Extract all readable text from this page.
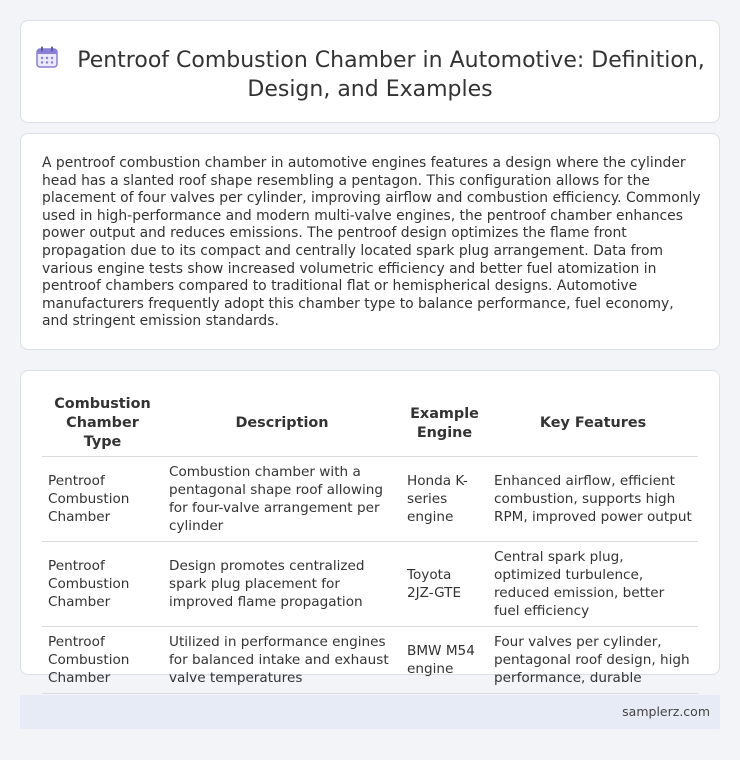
Pentroof Combustion Chamber in Automotive: Definition, Design, and Examples

A pentroof combustion chamber in automotive engines features a design where the cylinder head has a slanted roof shape resembling a pentagon. This configuration allows for the placement of four valves per cylinder, improving airflow and combustion efficiency. Commonly used in high-performance and modern multi-valve engines, the pentroof chamber enhances power output and reduces emissions. The pentroof design optimizes the flame front propagation due to its compact and centrally located spark plug arrangement. Data from various engine tests show increased volumetric efficiency and better fuel atomization in pentroof chambers compared to traditional flat or hemispherical designs. Automotive manufacturers frequently adopt this chamber type to balance performance, fuel economy, and stringent emission standards.

Combustion Chamber Type	Description	Example Engine	Key Features
Pentroof Combustion Chamber	Combustion chamber with a pentagonal shape roof allowing for four-valve arrangement per cylinder	Honda K-series engine	Enhanced airflow, efficient combustion, supports high RPM, improved power output
Pentroof Combustion Chamber	Design promotes centralized spark plug placement for improved flame propagation	Toyota 2JZ-GTE	Central spark plug, optimized turbulence, reduced emission, better fuel efficiency
Pentroof Combustion Chamber	Utilized in performance engines for balanced intake and exhaust valve temperatures	BMW M54 engine	Four valves per cylinder, pentagonal roof design, high performance, durable
samplerz.com
